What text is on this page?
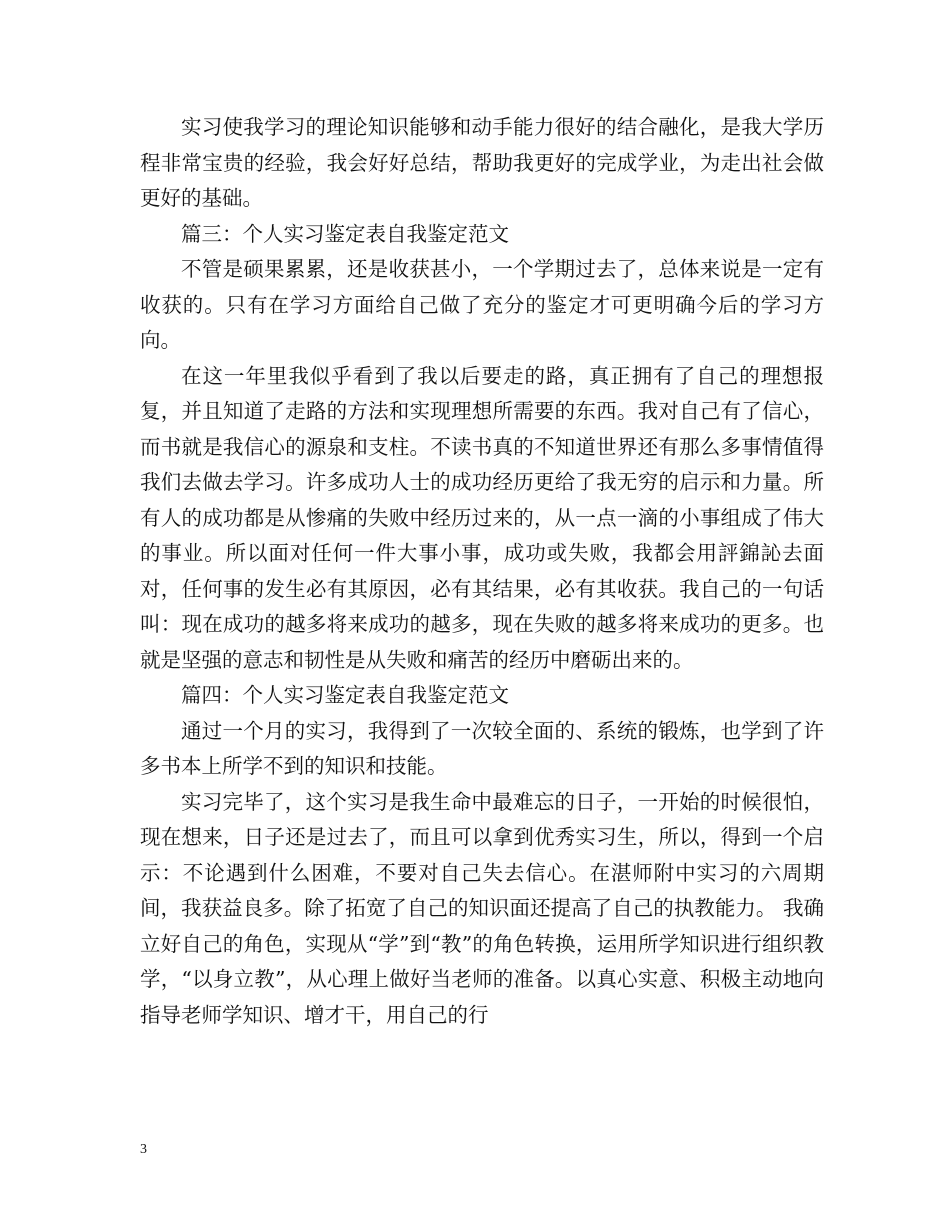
实习使我学习的理论知识能够和动手能力很好的结合融化，是我大学历程非常宝贵的经验，我会好好总结，帮助我更好的完成学业，为走出社会做更好的基础。

篇三：个人实习鉴定表自我鉴定范文

不管是硕果累累，还是收获甚小，一个学期过去了，总体来说是一定有收获的。只有在学习方面给自己做了充分的鉴定才可更明确今后的学习方向。

在这一年里我似乎看到了我以后要走的路，真正拥有了自己的理想报复，并且知道了走路的方法和实现理想所需要的东西。我对自己有了信心，而书就是我信心的源泉和支柱。不读书真的不知道世界还有那么多事情值得我们去做去学习。许多成功人士的成功经历更给了我无穷的启示和力量。所有人的成功都是从惨痛的失败中经历过来的，从一点一滴的小事组成了伟大的事业。所以面对任何一件大事小事，成功或失败，我都会用評錦訫去面对，任何事的发生必有其原因，必有其结果，必有其收获。我自己的一句话叫：现在成功的越多将来成功的越多，现在失败的越多将来成功的更多。也就是坚强的意志和韧性是从失败和痛苦的经历中磨砺出来的。

篇四：个人实习鉴定表自我鉴定范文

通过一个月的实习，我得到了一次较全面的、系统的锻炼，也学到了许多书本上所学不到的知识和技能。

实习完毕了，这个实习是我生命中最难忘的日子，一开始的时候很怕，现在想来，日子还是过去了，而且可以拿到优秀实习生，所以，得到一个启示：不论遇到什么困难，不要对自己失去信心。在湛师附中实习的六周期间，我获益良多。除了拓宽了自己的知识面还提高了自己的执教能力。 我确立好自己的角色，实现从“学”到“教”的角色转换，运用所学知识进行组织教学，“以身立教”，从心理上做好当老师的准备。以真心实意、积极主动地向指导老师学知识、增才干，用自己的行

3
